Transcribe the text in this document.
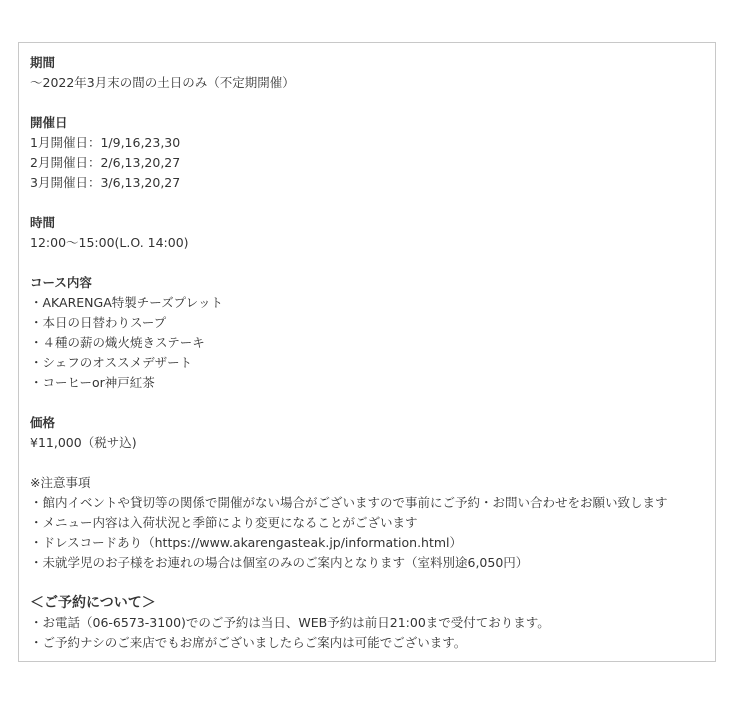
期間
〜2022年3月末の間の土日のみ（不定期開催）
開催日
1月開催日：1/9,16,23,30
2月開催日：2/6,13,20,27
3月開催日：3/6,13,20,27
時間
12:00〜15:00(L.O. 14:00)
コース内容
・AKARENGA特製チーズプレット
・本日の日替わりスープ
・４種の薪の熾火焼きステーキ
・シェフのオススメデザート
・コーヒーor神戸紅茶
価格
¥11,000（税サ込)
※注意事項
・館内イベントや貸切等の関係で開催がない場合がございますので事前にご予約・お問い合わせをお願い致します
・メニュー内容は入荷状況と季節により変更になることがございます
・ドレスコードあり（https://www.akarengasteak.jp/information.html）
・未就学児のお子様をお連れの場合は個室のみのご案内となります（室料別途6,050円）
＜ご予約について＞
・お電話（06-6573-3100)でのご予約は当日、WEB予約は前日21:00まで受付ております。
・ご予約ナシのご来店でもお席がございましたらご案内は可能でございます。
